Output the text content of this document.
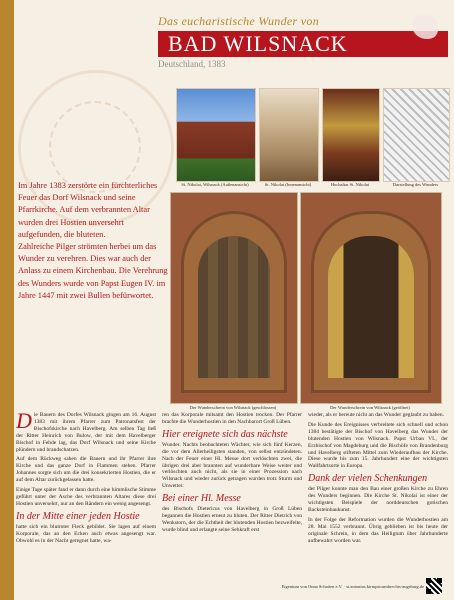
Das eucharistische Wunder von
BAD WILSNACK
Deutschland, 1383
St. Nikolai, Wilsnack (Außenansicht)	St. Nikolai (Innenansicht)	Hochaltar St. Nikolai	Darstellung des Wunders

Im Jahre 1383 zerstörte ein fürchterliches Feuer das Dorf Wilsnack und seine Pfarrkirche. Auf dem verbrannten Altar wurden drei Hostien unversehrt aufgefunden, die bluteten.

Zahlreiche Pilger strömten herbei um das Wunder zu verehren. Dies war auch der Anlass zu einem Kirchenbau. Die Verehrung des Wunders wurde von Papst Eugen IV. im Jahre 1447 mit zwei Bullen befürwortet.

Der Wunderschrein von Wilsnack (geschlossen)	Der Wunderschrein von Wilsnack (geöffnet)

Die Bauern des Dorfes Wilsnack gingen am 16. August 1383 mit ihrem Pfarrer zum Patronatsfest der Bischofskirche nach Havelberg. Am selben Tag ließ der Ritter Heinrich von Bulow, der mit dem Havelberger Bischof in Fehde lag, das Dorf Wilsnack und seine Kirche plündern und brandschatzen.

Auf dem Rückweg sahen die Bauern und ihr Pfarrer ihre Kirche und das ganze Dorf in Flammen stehen. Pfarrer Johannes sorgte sich um die drei konsekrierten Hostien, die er auf dem Altar zurückgelassen hatte.

Einige Tage später fand er dann durch eine himmlische Stimme geführt unter der Asche des verbrannten Altares diese drei Hostien unversehrt, nur an den Rändern ein wenig angesengt.

In der Mitte einer jeden Hostie

hatte sich ein blutroter Fleck gebildet. Sie lagen auf einem Korporale, das an den Ecken auch etwas angesengt war. Obwohl es in der Nacht geregnet hatte, wa-

ren das Korporale mitsamt den Hostien trocken. Der Pfarrer brachte die Wunderhostien in den Nachbarort Groß Lüben.

Hier ereignete sich das nächste

Wunder. Nachts beobachteten Wächter, wie sich fünf Kerzen, die vor dem Allerheiligsten standen, von selbst entzündeten. Nach der Feuer einer Hl. Messe dort verlöschten zwei, die übrigen drei aber brannten auf wunderbare Weise weiter und verlöschten auch nicht, als sie in einer Prozession nach Wilsnack und wieder zurück getragen wurden trotz Sturm und Unwetter.

Bei einer Hl. Messe

des Bischofs Dietericus von Havelberg in Groß Lüben begannen die Hostien erneut zu bluten. Der Ritter Dietrich von Wenkstorn, der die Echtheit der blutenden Hostien bezweifelte, wurde blind und erlangte seine Sehkraft erst

wieder, als er bereute nicht an das Wunder geglaubt zu haben.

Die Kunde des Ereignisses verbreitete sich schnell und schon 1384 bestätigte der Bischof von Havelberg das Wunder der blutenden Hostien von Wilsnack. Papst Urban VI., der Erzbischof von Magdeburg und die Bischöfe von Brandenburg und Havelberg stifteten Mittel zum Wiederaufbau der Kirche. Diese wurde bis zum 15. Jahrhundert eine der wichtigsten Wallfahrtsorte in Europa.

Dank der vielen Schenkungen

der Pilger konnte man den Bau einer großen Kirche zu Ehren des Wunders beginnen. Die Kirche St. Nikolai ist einer der wichtigsten Beispiele der norddeutschen gotischen Backsteinbaukunst.

In der Folge der Reformation wurden die Wunderhostien am 28. Mai 1552 verbrannt. Übrig geblieben ist bis heute der originale Schrein, in dem das Heiligtum über Jahrhunderte aufbewahrt worden war.

Eigentum von Onna Schatten e.V. · st.antonius.kirmpsturmbrechts-augsburg.de
